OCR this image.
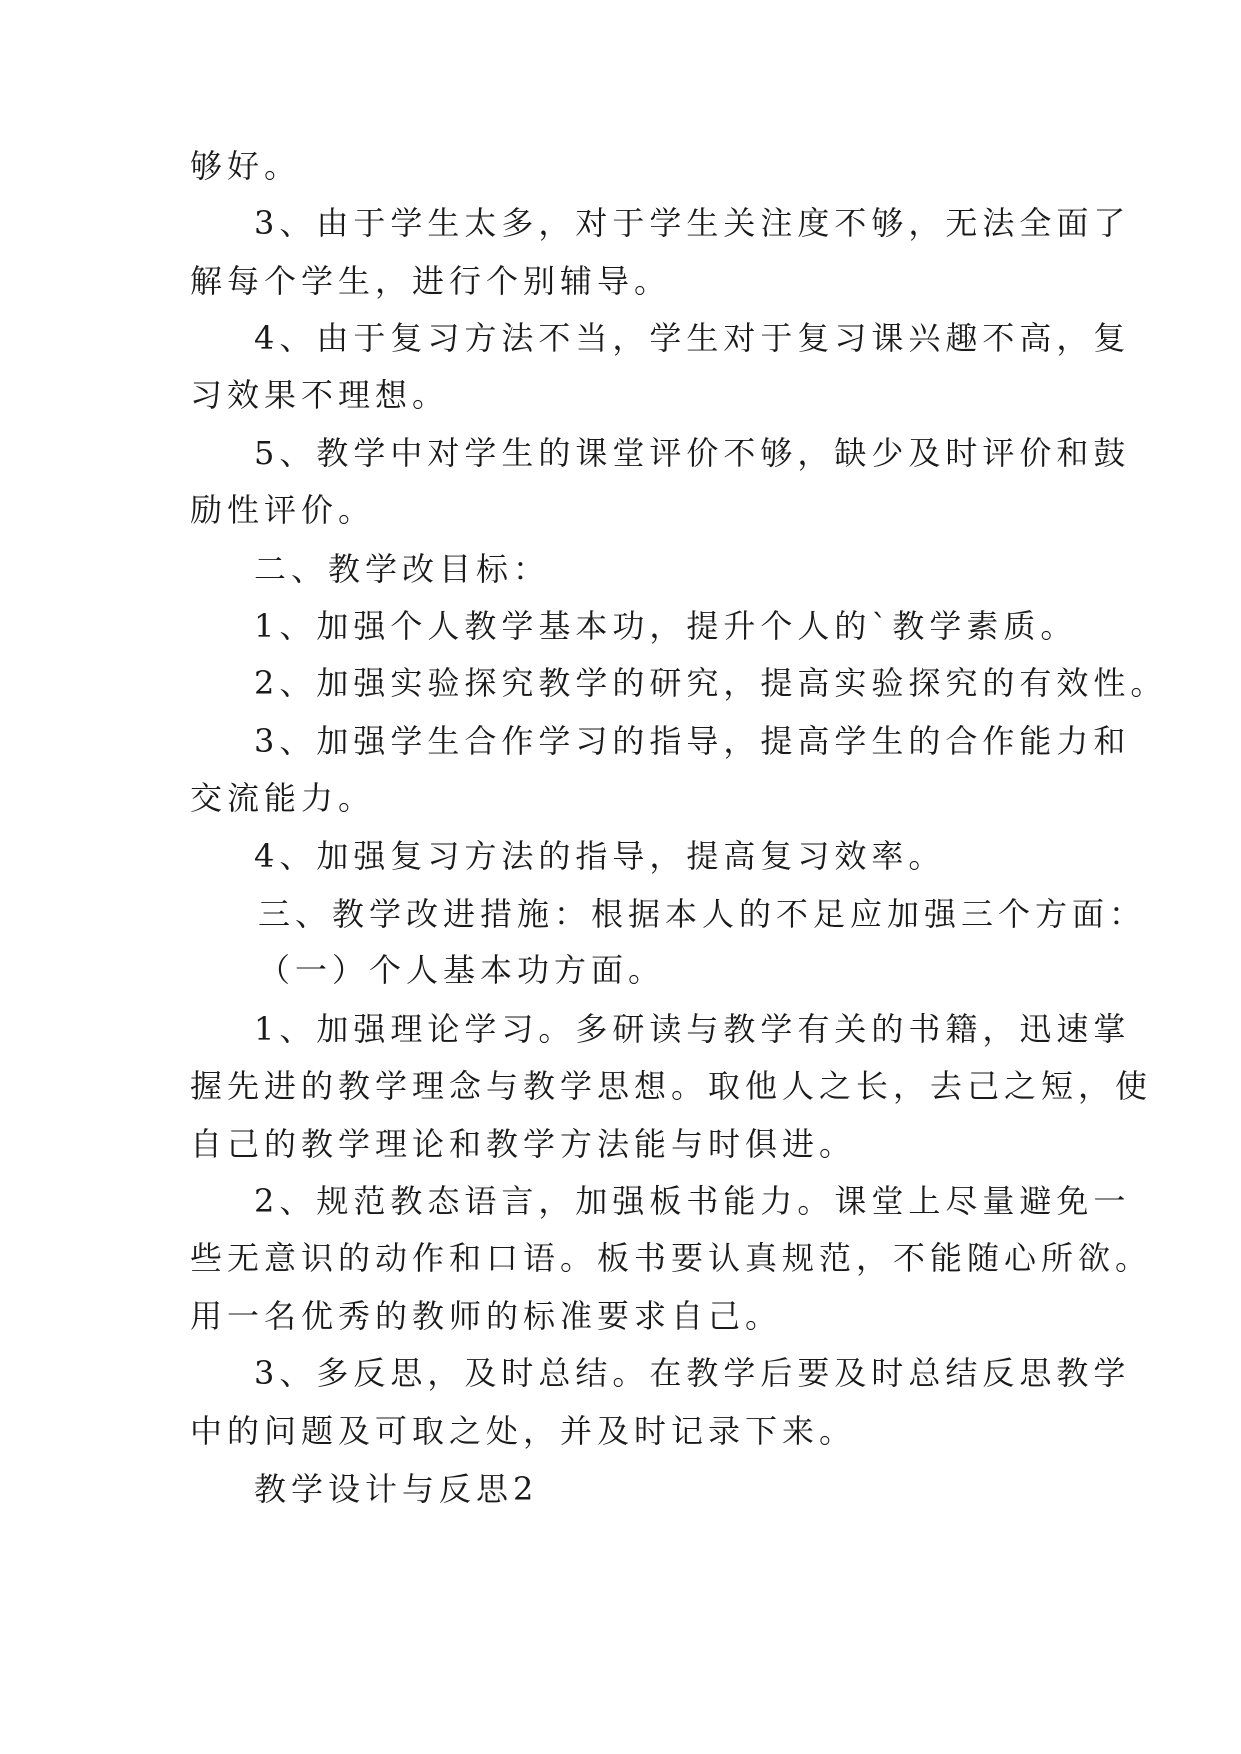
够好。
3、由于学生太多，对于学生关注度不够，无法全面了
解每个学生，进行个别辅导。
4、由于复习方法不当，学生对于复习课兴趣不高，复
习效果不理想。
5、教学中对学生的课堂评价不够，缺少及时评价和鼓
励性评价。
二、教学改目标：
1、加强个人教学基本功，提升个人的`教学素质。
2、加强实验探究教学的研究，提高实验探究的有效性。
3、加强学生合作学习的指导，提高学生的合作能力和
交流能力。
4、加强复习方法的指导，提高复习效率。
三、教学改进措施：根据本人的不足应加强三个方面：
（一）个人基本功方面。
1、加强理论学习。多研读与教学有关的书籍，迅速掌
握先进的教学理念与教学思想。取他人之长，去己之短，使
自己的教学理论和教学方法能与时俱进。
2、规范教态语言，加强板书能力。课堂上尽量避免一
些无意识的动作和口语。板书要认真规范，不能随心所欲。
用一名优秀的教师的标准要求自己。
3、多反思，及时总结。在教学后要及时总结反思教学
中的问题及可取之处，并及时记录下来。
教学设计与反思2
